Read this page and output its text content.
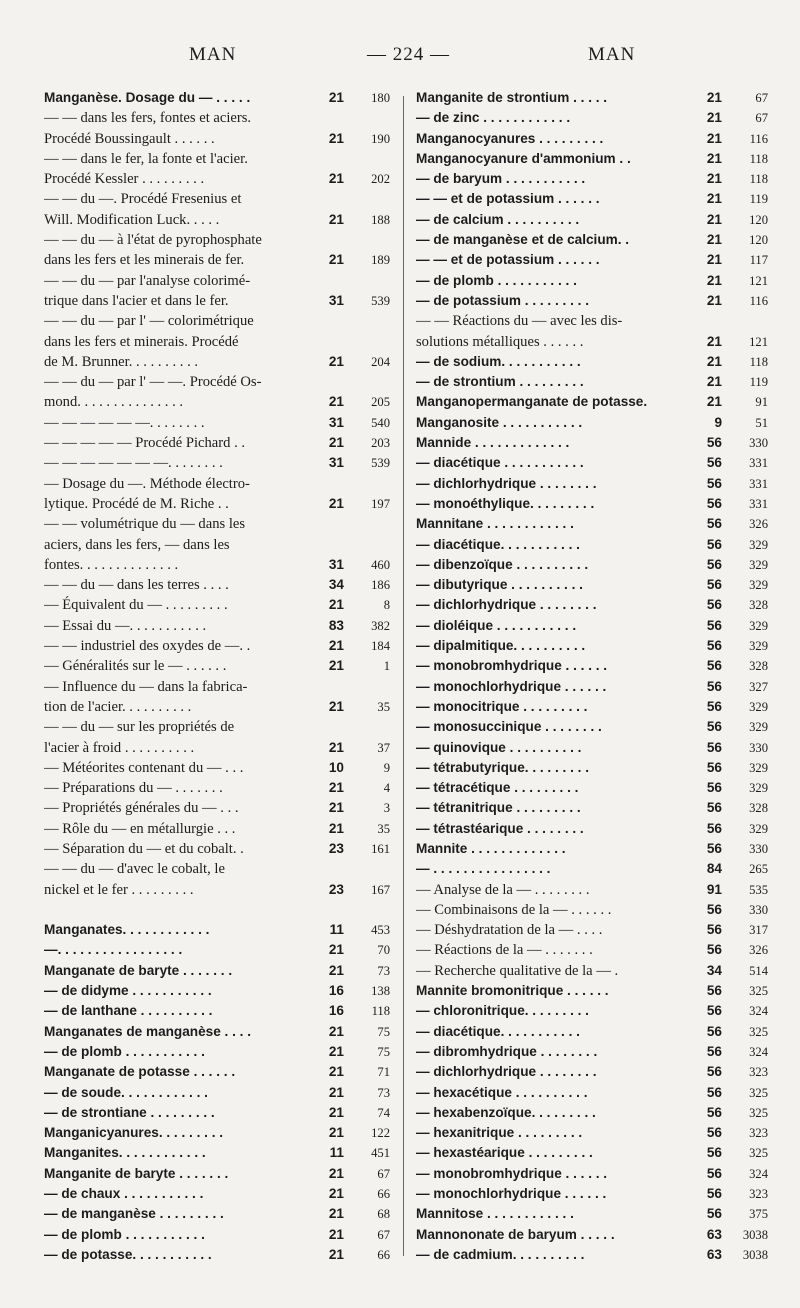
MAN	— 224 —	MAN
Manganèse. Dosage du — . . . . .	21	180
— — dans les fers, fontes et aciers.
Procédé Boussingault . . . . . .	21	190
— — dans le fer, la fonte et l'acier.
Procédé Kessler . . . . . . . . .	21	202
— — du —. Procédé Fresenius et
Will. Modification Luck. . . . .	21	188
— — du — à l'état de pyrophosphate
dans les fers et les minerais de fer.	21	189
— — du — par l'analyse colorimé-
trique dans l'acier et dans le fer.	31	539
— — du — par l' — colorimétrique
dans les fers et minerais. Procédé
de M. Brunner. . . . . . . . . .	21	204
— — du — par l' — —. Procédé Os-
mond. . . . . . . . . . . . . . .	21	205
— — — — — —. . . . . . . .	31	540
— — — — — Procédé Pichard . .	21	203
— — — — — — —. . . . . . . .	31	539
— Dosage du —. Méthode électro-
lytique. Procédé de M. Riche . .	21	197
— — volumétrique du — dans les
aciers, dans les fers, — dans les
fontes. . . . . . . . . . . . . .	31	460
— — du — dans les terres . . . .	34	186
— Équivalent du — . . . . . . . . .	21	8
— Essai du —. . . . . . . . . . .	83	382
— — industriel des oxydes de —. .	21	184
— Généralités sur le — . . . . . .	21	1
— Influence du — dans la fabrica-
tion de l'acier. . . . . . . . . .	21	35
— — du — sur les propriétés de
l'acier à froid . . . . . . . . . .	21	37
— Météorites contenant du — . . .	10	9
— Préparations du — . . . . . . .	21	4
— Propriétés générales du — . . .	21	3
— Rôle du — en métallurgie . . .	21	35
— Séparation du — et du cobalt. .	23	161
— — du — d'avec le cobalt, le
nickel et le fer . . . . . . . . .	23	167
Manganates. . . . . . . . . . . .	11	453
—. . . . . . . . . . . . . . . . .	21	70
Manganate de baryte . . . . . . .	21	73
— de didyme . . . . . . . . . . .	16	138
— de lanthane . . . . . . . . . .	16	118
Manganates de manganèse . . . .	21	75
— de plomb . . . . . . . . . . .	21	75
Manganate de potasse . . . . . .	21	71
— de soude. . . . . . . . . . . .	21	73
— de strontiane . . . . . . . . .	21	74
Manganicyanures. . . . . . . . .	21	122
Manganites. . . . . . . . . . . .	11	451
Manganite de baryte . . . . . . .	21	67
— de chaux . . . . . . . . . . .	21	66
— de manganèse . . . . . . . . .	21	68
— de plomb . . . . . . . . . . .	21	67
— de potasse. . . . . . . . . . .	21	66
Manganite de strontium . . . . .	21	67
— de zinc . . . . . . . . . . . .	21	67
Manganocyanures . . . . . . . . .	21	116
Manganocyanure d'ammonium . .	21	118
— de baryum . . . . . . . . . . .	21	118
— — et de potassium . . . . . .	21	119
— de calcium . . . . . . . . . .	21	120
— de manganèse et de calcium. .	21	120
— — et de potassium . . . . . .	21	117
— de plomb . . . . . . . . . . .	21	121
— de potassium . . . . . . . . .	21	116
— — Réactions du — avec les dis-
solutions métalliques . . . . . .	21	121
— de sodium. . . . . . . . . . .	21	118
— de strontium . . . . . . . . .	21	119
Manganopermanganate de potasse.	21	91
Manganosite . . . . . . . . . . .	9	51
Mannide . . . . . . . . . . . . .	56	330
— diacétique . . . . . . . . . . .	56	331
— dichlorhydrique . . . . . . . .	56	331
— monoéthylique. . . . . . . . .	56	331
Mannitane . . . . . . . . . . . .	56	326
— diacétique. . . . . . . . . . .	56	329
— dibenzoïque . . . . . . . . . .	56	329
— dibutyrique . . . . . . . . . .	56	329
— dichlorhydrique . . . . . . . .	56	328
— dioléique . . . . . . . . . . .	56	329
— dipalmitique. . . . . . . . . .	56	329
— monobromhydrique . . . . . .	56	328
— monochlorhydrique . . . . . .	56	327
— monocitrique . . . . . . . . .	56	329
— monosuccinique . . . . . . . .	56	329
— quinovique . . . . . . . . . .	56	330
— tétrabutyrique. . . . . . . . .	56	329
— tétracétique . . . . . . . . .	56	329
— tétranitrique . . . . . . . . .	56	328
— tétrastéarique . . . . . . . .	56	329
Mannite . . . . . . . . . . . . .	56	330
— . . . . . . . . . . . . . . . .	84	265
— Analyse de la — . . . . . . . .	91	535
— Combinaisons de la — . . . . . .	56	330
— Déshydratation de la — . . . .	56	317
— Réactions de la — . . . . . . .	56	326
— Recherche qualitative de la — .	34	514
Mannite bromonitrique . . . . . .	56	325
— chloronitrique. . . . . . . . .	56	324
— diacétique. . . . . . . . . . .	56	325
— dibromhydrique . . . . . . . .	56	324
— dichlorhydrique . . . . . . . .	56	323
— hexacétique . . . . . . . . . .	56	325
— hexabenzoïque. . . . . . . . .	56	325
— hexanitrique . . . . . . . . .	56	323
— hexastéarique . . . . . . . . .	56	325
— monobromhydrique . . . . . .	56	324
— monochlorhydrique . . . . . .	56	323
Mannitose . . . . . . . . . . . .	56	375
Mannononate de baryum . . . . .	63	3038
— de cadmium. . . . . . . . . .	63	3038
